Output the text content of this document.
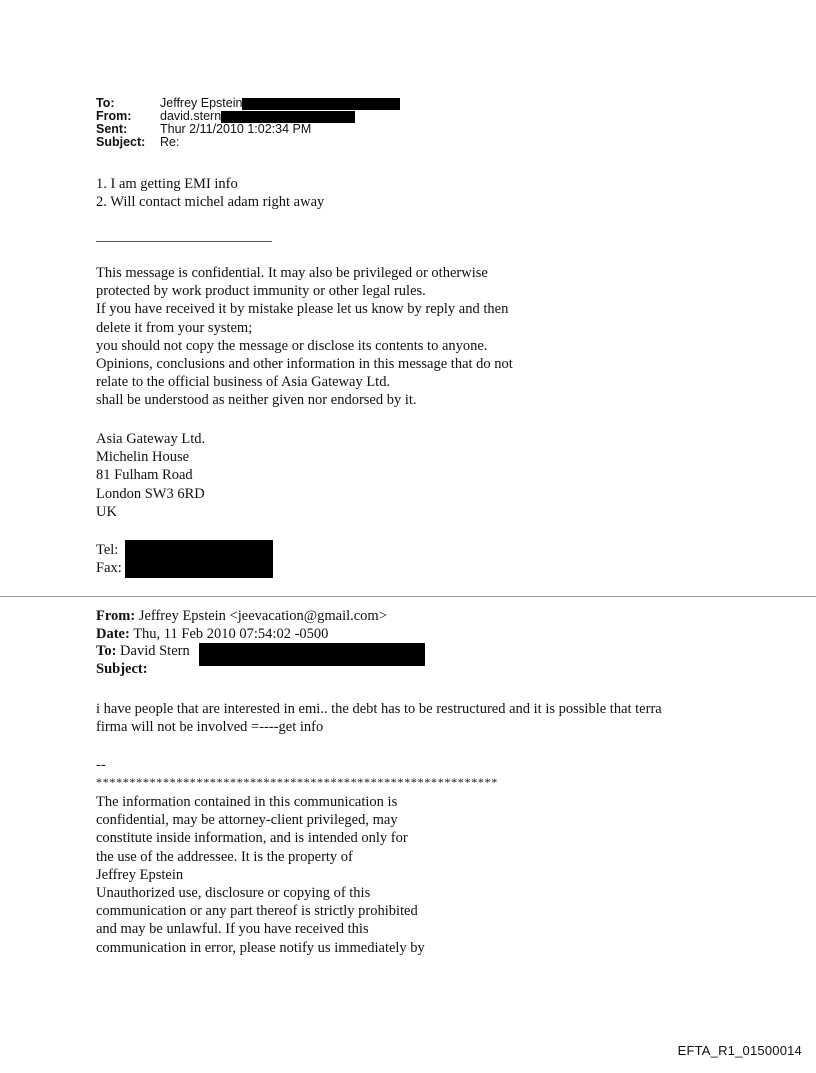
To:	Jeffrey Epstein
From:	david.stern
Sent:	Thur 2/11/2010 1:02:34 PM
Subject:	Re:
1. I am getting EMI info
2. Will contact michel adam right away
This message is confidential. It may also be privileged or otherwise
protected by work product immunity or other legal rules.
If you have received it by mistake please let us know by reply and then
delete it from your system;
you should not copy the message or disclose its contents to anyone.
Opinions, conclusions and other information in this message that do not
relate to the official business of Asia Gateway Ltd.
shall be understood as neither given nor endorsed by it.
Asia Gateway Ltd.
Michelin House
81 Fulham Road
London SW3 6RD
UK
Tel:
Fax:
From: Jeffrey Epstein <jeevacation@gmail.com>
Date: Thu, 11 Feb 2010 07:54:02 -0500
To: David Stern
Subject:
i have people that are interested in emi.. the debt has to be restructured and it is possible that terra
firma will not be involved =----get info
--
************************************************************
The information contained in this communication is
confidential, may be attorney-client privileged, may
constitute inside information, and is intended only for
the use of the addressee. It is the property of
Jeffrey Epstein
Unauthorized use, disclosure or copying of this
communication or any part thereof is strictly prohibited
and may be unlawful. If you have received this
communication in error, please notify us immediately by
EFTA_R1_01500014
